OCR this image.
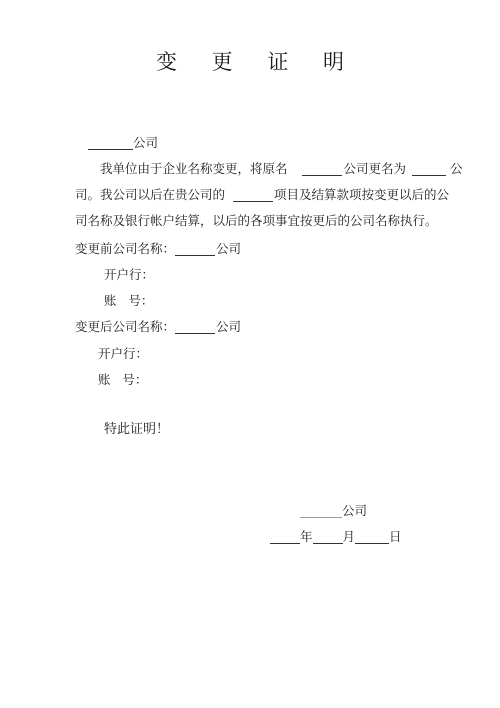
变 更 证 明
公司
我单位由于企业名称变更，将原名	公司更名为	公
司。我公司以后在贵公司的	项目及结算款项按变更以后的公
司名称及银行帐户结算，以后的各项事宜按更后的公司名称执行。
变更前公司名称：	公司
开户行：
账   号：
变更后公司名称：	公司
开户行：
账   号：
特此证明！
公司
年 月	日
